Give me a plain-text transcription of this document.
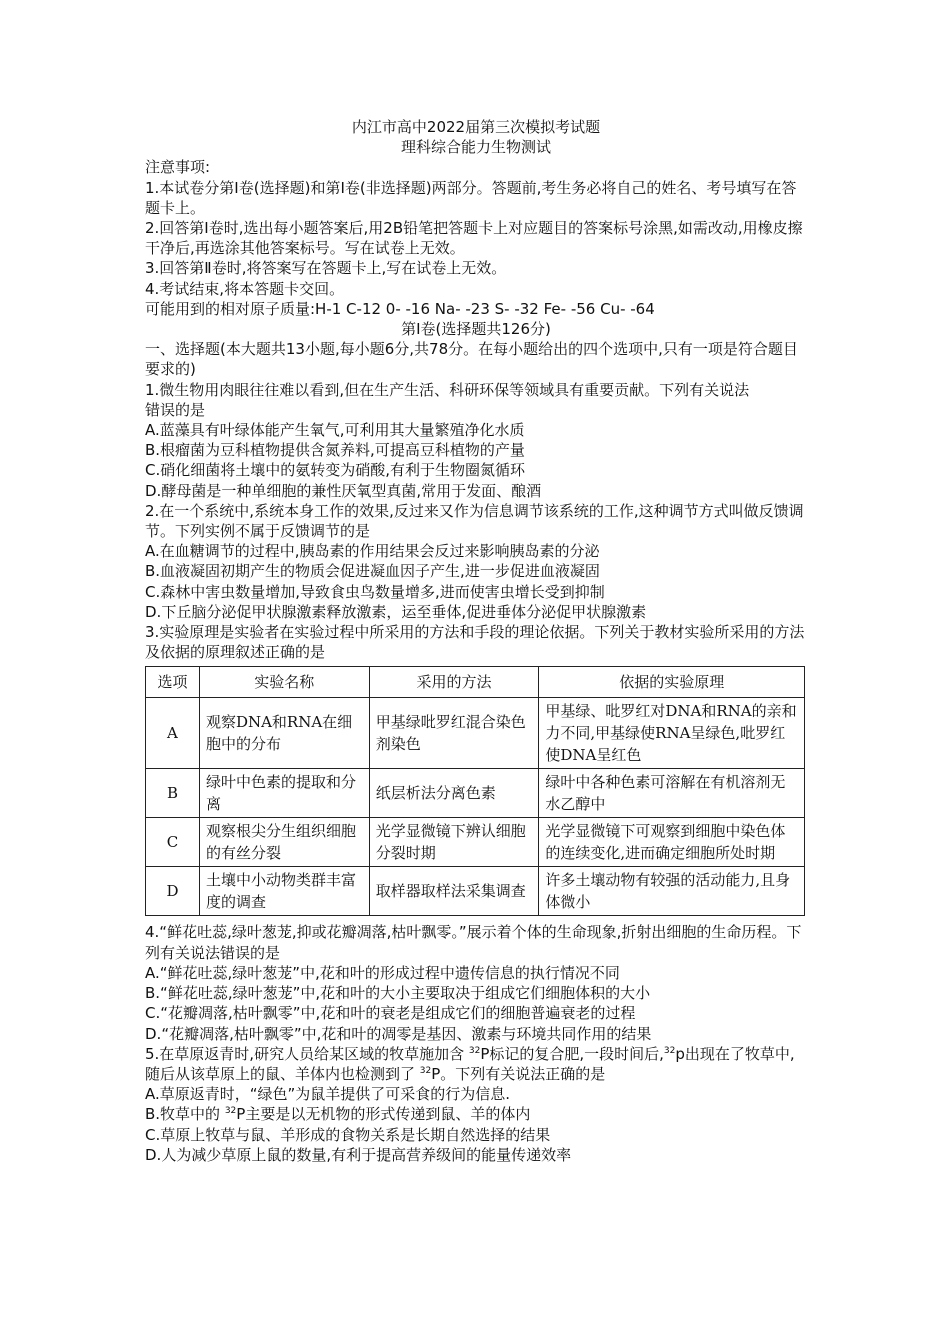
内江市高中2022届第三次模拟考试题

理科综合能力生物测试

注意事项:

1.本试卷分第Ⅰ卷(选择题)和第Ⅰ卷(非选择题)两部分。答题前,考生务必将自己的姓名、考号填写在答题卡上。

2.回答第Ⅰ卷时,选出每小题答案后,用2B铅笔把答题卡上对应题目的答案标号涂黑,如需改动,用橡皮擦干净后,再选涂其他答案标号。写在试卷上无效。

3.回答第Ⅱ卷时,将答案写在答题卡上,写在试卷上无效。

4.考试结束,将本答题卡交回。

可能用到的相对原子质量:H-1 C-12 0- -16 Na- -23 S- -32 Fe- -56 Cu- -64

第Ⅰ卷(选择题共126分)

一、选择题(本大题共13小题,每小题6分,共78分。在每小题给出的四个选项中,只有一项是符合题目要求的)

1.微生物用肉眼往往难以看到,但在生产生活、科研环保等领域具有重要贡献。下列有关说法

错误的是

A.蓝藻具有叶绿体能产生氧气,可利用其大量繁殖净化水质

B.根瘤菌为豆科植物提供含氮养料,可提高豆科植物的产量

C.硝化细菌将土壤中的氨转变为硝酸,有利于生物圈氮循环

D.酵母菌是一种单细胞的兼性厌氧型真菌,常用于发面、酿酒

2.在一个系统中,系统本身工作的效果,反过来又作为信息调节该系统的工作,这种调节方式叫做反馈调节。下列实例不属于反馈调节的是

A.在血糖调节的过程中,胰岛素的作用结果会反过来影响胰岛素的分泌

B.血液凝固初期产生的物质会促进凝血因子产生,进一步促进血液凝固

C.森林中害虫数量增加,导致食虫鸟数量增多,进而使害虫增长受到抑制

D.下丘脑分泌促甲状腺激素释放激素，运至垂体,促进垂体分泌促甲状腺激素

3.实验原理是实验者在实验过程中所采用的方法和手段的理论依据。下列关于教材实验所采用的方法及依据的原理叙述正确的是

选项	实验名称	采用的方法	依据的实验原理
A	观察DNA和RNA在细胞中的分布	甲基绿吡罗红混合染色剂染色	甲基绿、吡罗红对DNA和RNA的亲和力不同,甲基绿使RNA呈绿色,吡罗红使DNA呈红色
B	绿叶中色素的提取和分离	纸层析法分离色素	绿叶中各种色素可溶解在有机溶剂无水乙醇中
C	观察根尖分生组织细胞的有丝分裂	光学显微镜下辨认细胞分裂时期	光学显微镜下可观察到细胞中染色体的连续变化,进而确定细胞所处时期
D	土壤中小动物类群丰富度的调查	取样器取样法采集调查	许多土壤动物有较强的活动能力,且身体微小

4.“鲜花吐蕊,绿叶葱茏,抑或花瓣凋落,枯叶飘零。”展示着个体的生命现象,折射出细胞的生命历程。下列有关说法错误的是

A.“鲜花吐蕊,绿叶葱茏”中,花和叶的形成过程中遗传信息的执行情况不同

B.“鲜花吐蕊,绿叶葱茏”中,花和叶的大小主要取决于组成它们细胞体积的大小

C.“花瓣凋落,枯叶飘零”中,花和叶的衰老是组成它们的细胞普遍衰老的过程

D.“花瓣凋落,枯叶飘零”中,花和叶的凋零是基因、激素与环境共同作用的结果

5.在草原返青时,研究人员给某区域的牧草施加含 $^{32}$P标记的复合肥,一段时间后,$^{32}$p出现在了牧草中,随后从该草原上的鼠、羊体内也检测到了 $^{32}$P。下列有关说法正确的是

A.草原返青时，“绿色”为鼠羊提供了可采食的行为信息.

B.牧草中的 $^{32}$P主要是以无机物的形式传递到鼠、羊的体内

C.草原上牧草与鼠、羊形成的食物关系是长期自然选择的结果

D.人为减少草原上鼠的数量,有利于提高营养级间的能量传递效率
